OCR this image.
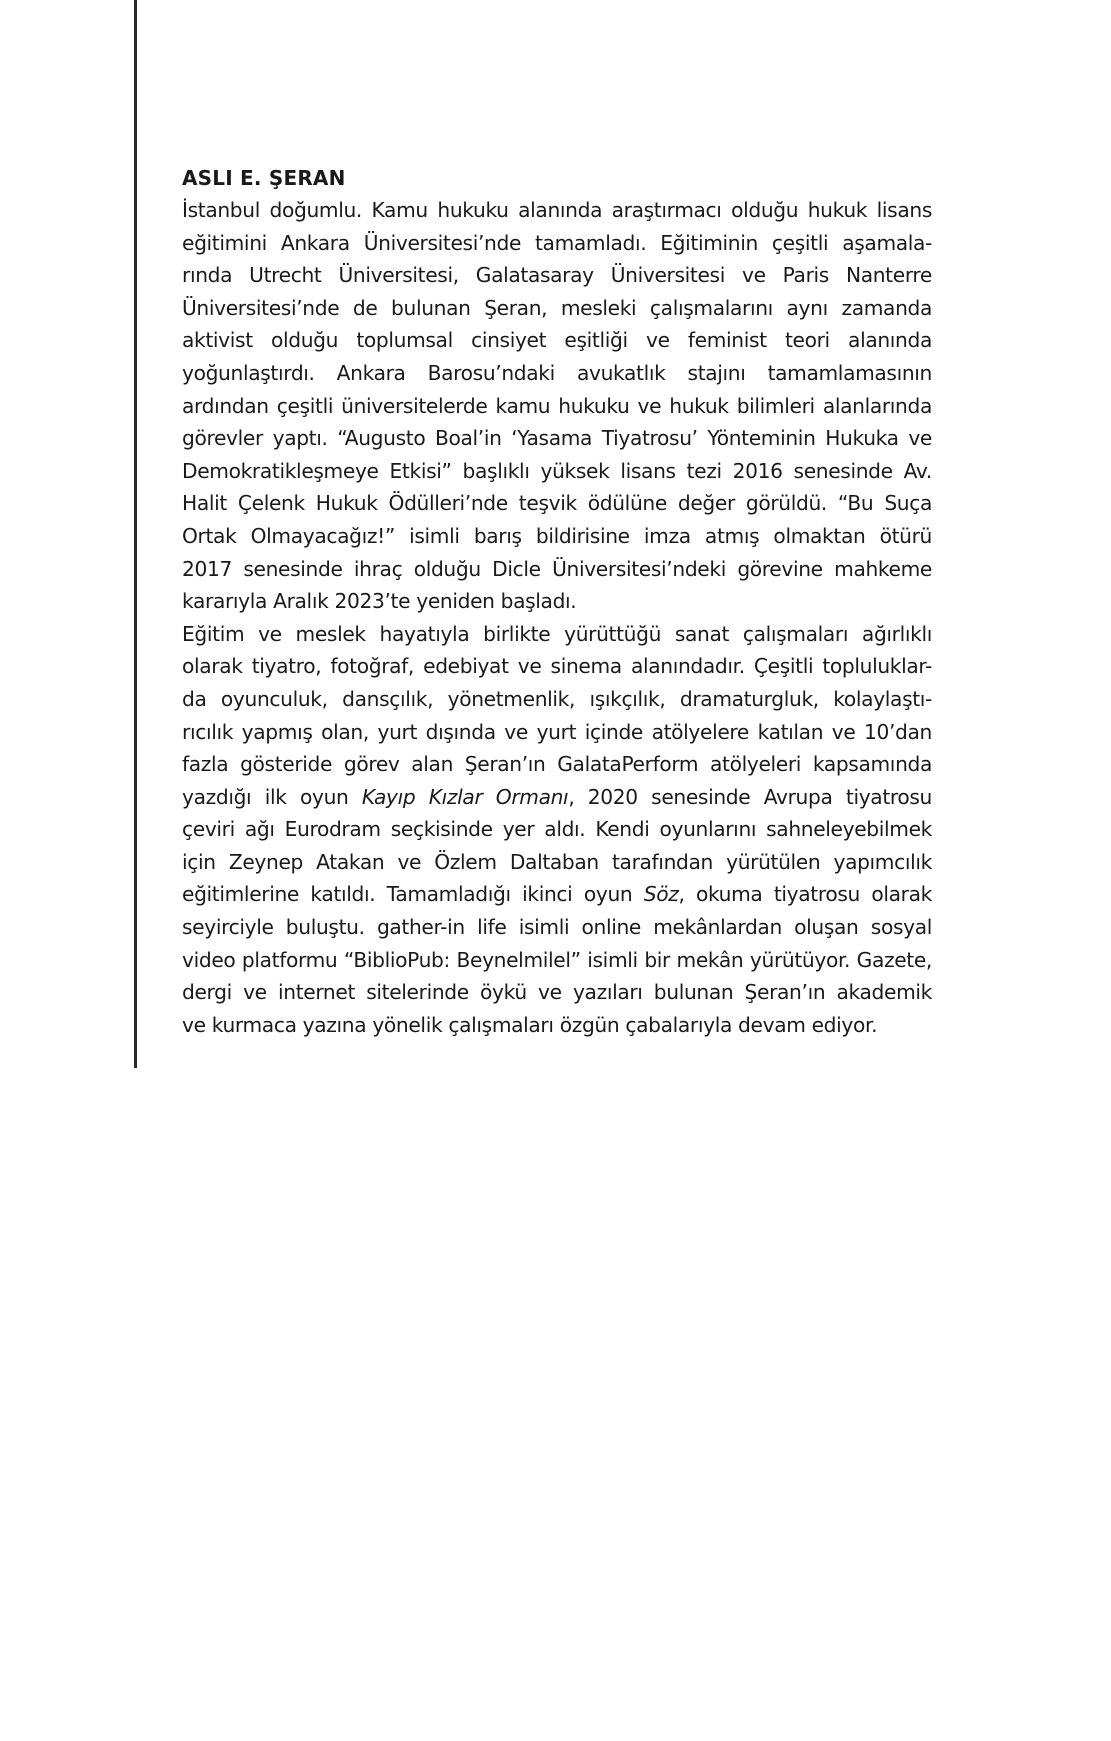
ASLI E. ŞERAN

İstanbul doğumlu. Kamu hukuku alanında araştırmacı olduğu hukuk lisans
eğitimini Ankara Üniversitesi’nde tamamladı. Eğitiminin çeşitli aşamala-
rında Utrecht Üniversitesi, Galatasaray Üniversitesi ve Paris Nanterre
Üniversitesi’nde de bulunan Şeran, mesleki çalışmalarını aynı zamanda
aktivist olduğu toplumsal cinsiyet eşitliği ve feminist teori alanında
yoğunlaştırdı. Ankara Barosu’ndaki avukatlık stajını tamamlamasının
ardından çeşitli üniversitelerde kamu hukuku ve hukuk bilimleri alanlarında
görevler yaptı. “Augusto Boal’in ‘Yasama Tiyatrosu’ Yönteminin Hukuka ve
Demokratikleşmeye Etkisi” başlıklı yüksek lisans tezi 2016 senesinde Av.
Halit Çelenk Hukuk Ödülleri’nde teşvik ödülüne değer görüldü. “Bu Suça
Ortak Olmayacağız!” isimli barış bildirisine imza atmış olmaktan ötürü
2017 senesinde ihraç olduğu Dicle Üniversitesi’ndeki görevine mahkeme
kararıyla Aralık 2023’te yeniden başladı.

Eğitim ve meslek hayatıyla birlikte yürüttüğü sanat çalışmaları ağırlıklı
olarak tiyatro, fotoğraf, edebiyat ve sinema alanındadır. Çeşitli topluluklar-
da oyunculuk, dansçılık, yönetmenlik, ışıkçılık, dramaturgluk, kolaylaştı-
rıcılık yapmış olan, yurt dışında ve yurt içinde atölyelere katılan ve 10’dan
fazla gösteride görev alan Şeran’ın GalataPerform atölyeleri kapsamında
yazdığı ilk oyun Kayıp Kızlar Ormanı, 2020 senesinde Avrupa tiyatrosu
çeviri ağı Eurodram seçkisinde yer aldı. Kendi oyunlarını sahneleyebilmek
için Zeynep Atakan ve Özlem Daltaban tarafından yürütülen yapımcılık
eğitimlerine katıldı. Tamamladığı ikinci oyun Söz, okuma tiyatrosu olarak
seyirciyle buluştu. gather-in life isimli online mekânlardan oluşan sosyal
video platformu “BiblioPub: Beynelmilel” isimli bir mekân yürütüyor. Gazete,
dergi ve internet sitelerinde öykü ve yazıları bulunan Şeran’ın akademik
ve kurmaca yazına yönelik çalışmaları özgün çabalarıyla devam ediyor.
